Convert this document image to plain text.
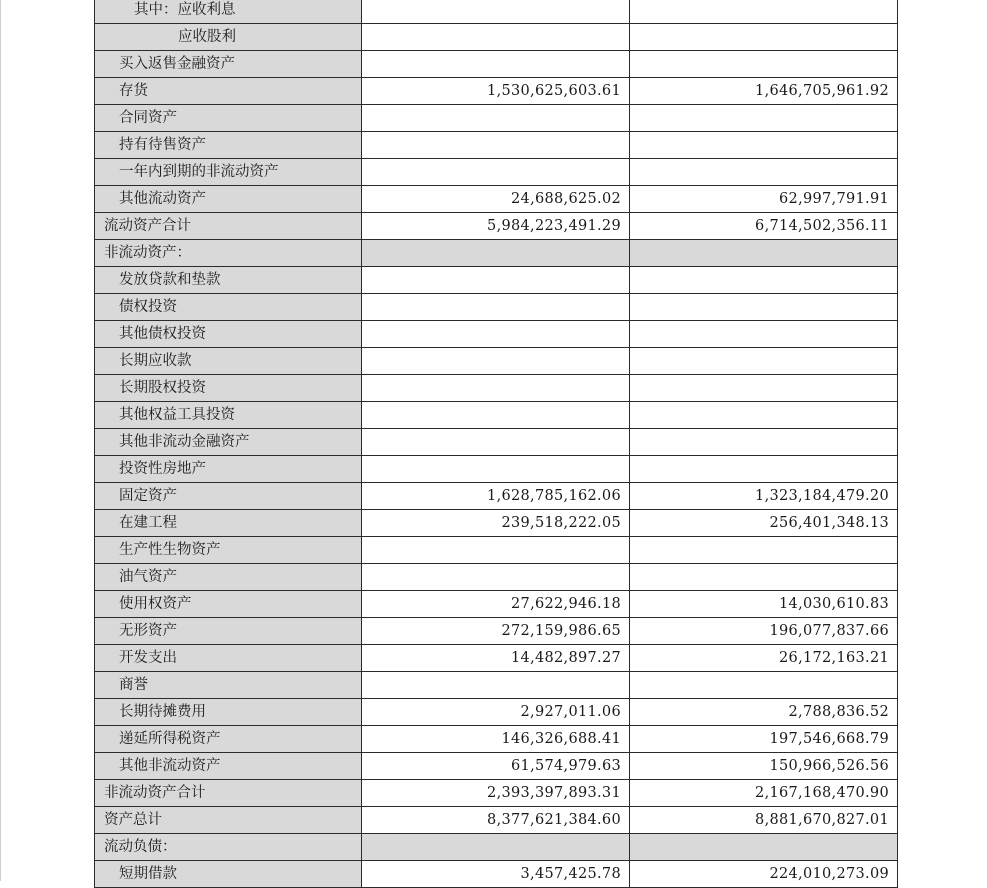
其中：应收利息		
应收股利		
买入返售金融资产		
存货	1,530,625,603.61	1,646,705,961.92
合同资产		
持有待售资产		
一年内到期的非流动资产		
其他流动资产	24,688,625.02	62,997,791.91
流动资产合计	5,984,223,491.29	6,714,502,356.11
非流动资产：		
发放贷款和垫款		
债权投资		
其他债权投资		
长期应收款		
长期股权投资		
其他权益工具投资		
其他非流动金融资产		
投资性房地产		
固定资产	1,628,785,162.06	1,323,184,479.20
在建工程	239,518,222.05	256,401,348.13
生产性生物资产		
油气资产		
使用权资产	27,622,946.18	14,030,610.83
无形资产	272,159,986.65	196,077,837.66
开发支出	14,482,897.27	26,172,163.21
商誉		
长期待摊费用	2,927,011.06	2,788,836.52
递延所得税资产	146,326,688.41	197,546,668.79
其他非流动资产	61,574,979.63	150,966,526.56
非流动资产合计	2,393,397,893.31	2,167,168,470.90
资产总计	8,377,621,384.60	8,881,670,827.01
流动负债：		
短期借款	3,457,425.78	224,010,273.09
